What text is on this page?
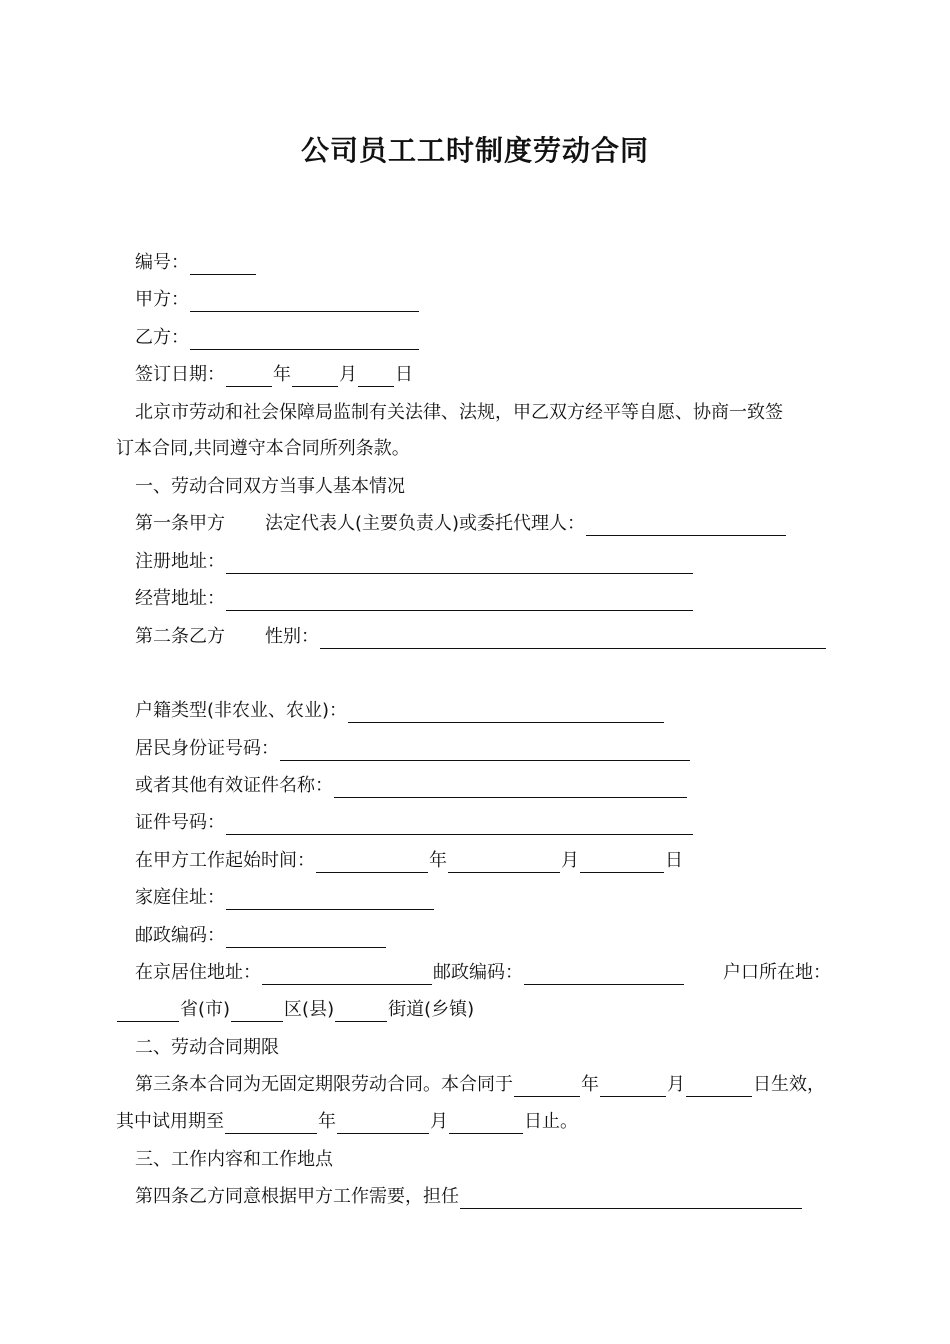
公司员工工时制度劳动合同
编号：
甲方：
乙方：
签订日期：	年	月 日
北京市劳动和社会保障局监制有关法律、法规，甲乙双方经平等自愿、协商一致签
订本合同,共同遵守本合同所列条款。
一、劳动合同双方当事人基本情况
第一条甲方 法定代表人(主要负责人)或委托代理人：
注册地址：
经营地址：
第二条乙方 性别：
户籍类型(非农业、农业)：
居民身份证号码：
或者其他有效证件名称：
证件号码：
在甲方工作起始时间：	年	月	日
家庭住址：
邮政编码：
在京居住地址：	邮政编码：	户口所在地：
省(市)	区(县)	街道(乡镇)
二、劳动合同期限
第三条本合同为无固定期限劳动合同。本合同于	年	月	日生效，
其中试用期至	年	月	日止。
三、工作内容和工作地点
第四条乙方同意根据甲方工作需要，担任
